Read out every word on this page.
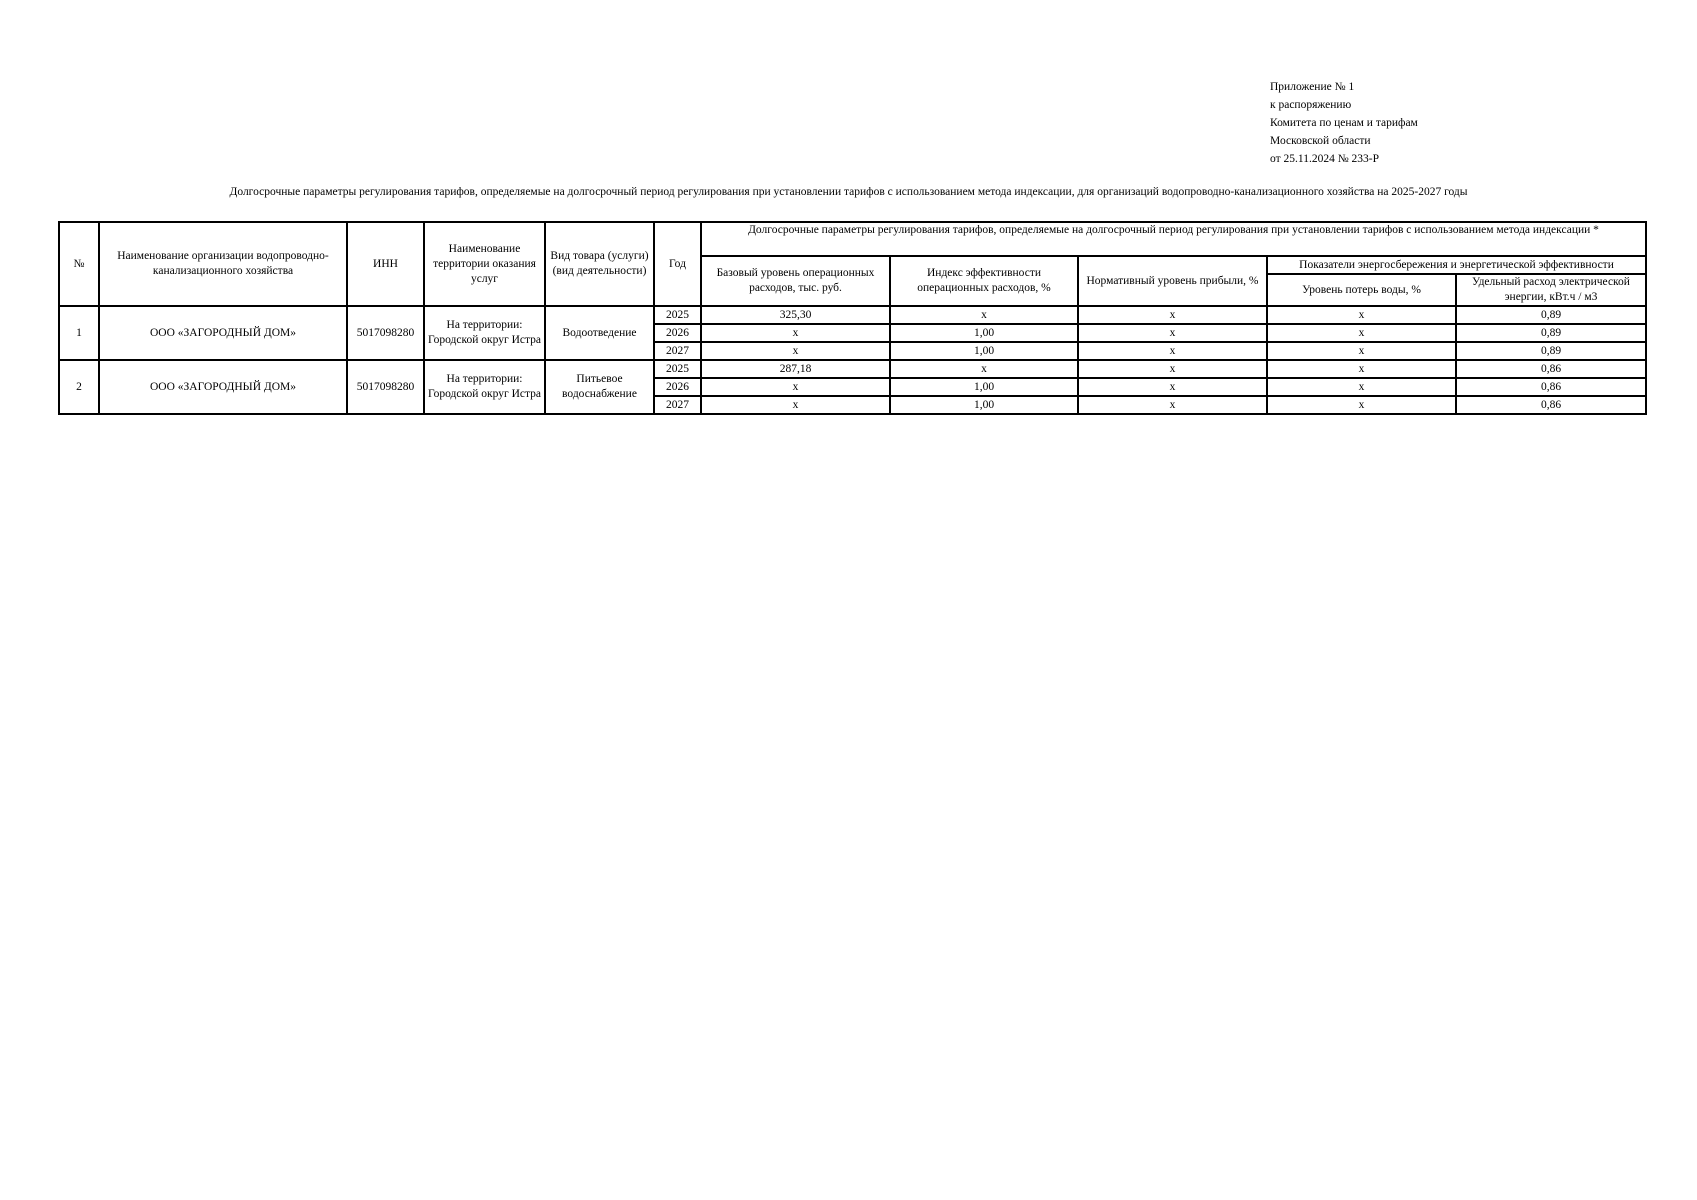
Приложение № 1
к распоряжению
Комитета по ценам и тарифам
Московской области
от 25.11.2024 № 233-Р
Долгосрочные параметры регулирования тарифов, определяемые на долгосрочный период регулирования при установлении тарифов с использованием метода индексации, для организаций водопроводно-канализационного хозяйства на 2025-2027 годы
№	Наименование организации водопроводно-канализационного хозяйства	ИНН	Наименование территории оказания услуг	Вид товара (услуги) (вид деятельности)	Год	Долгосрочные параметры регулирования тарифов, определяемые на долгосрочный период регулирования при установлении тарифов с использованием метода индексации *				
						Базовый уровень операционных расходов, тыс. руб.	Индекс эффективности операционных расходов, %	Нормативный уровень прибыли, %	Показатели энергосбережения и энергетической эффективности	
									Уровень потерь воды, %	Удельный расход электрической энергии, кВт.ч / м3
1	ООО «ЗАГОРОДНЫЙ ДОМ»	5017098280	На территории: Городской округ Истра	Водоотведение	2025	325,30	x	x	x	0,89
					2026	x	1,00	x	x	0,89
					2027	x	1,00	x	x	0,89
2	ООО «ЗАГОРОДНЫЙ ДОМ»	5017098280	На территории: Городской округ Истра	Питьевое водоснабжение	2025	287,18	x	x	x	0,86
					2026	x	1,00	x	x	0,86
					2027	x	1,00	x	x	0,86
